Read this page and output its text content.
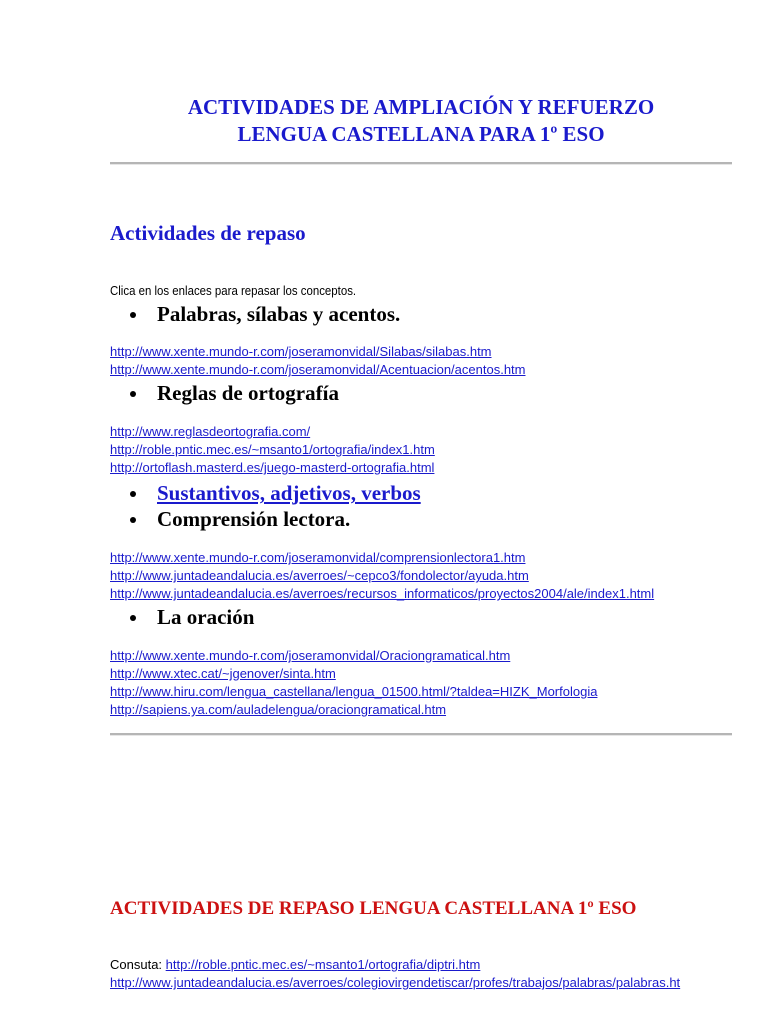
ACTIVIDADES DE AMPLIACIÓN Y REFUERZO
LENGUA CASTELLANA PARA 1º ESO
Actividades de repaso
Clica en los enlaces para repasar los conceptos.
Palabras, sílabas y acentos.
http://www.xente.mundo-r.com/joseramonvidal/Silabas/silabas.htm
http://www.xente.mundo-r.com/joseramonvidal/Acentuacion/acentos.htm
Reglas de ortografía
http://www.reglasdeortografia.com/
http://roble.pntic.mec.es/~msanto1/ortografia/index1.htm
http://ortoflash.masterd.es/juego-masterd-ortografia.html
Sustantivos, adjetivos, verbos
Comprensión lectora.
http://www.xente.mundo-r.com/joseramonvidal/comprensionlectora1.htm
http://www.juntadeandalucia.es/averroes/~cepco3/fondolector/ayuda.htm
http://www.juntadeandalucia.es/averroes/recursos_informaticos/proyectos2004/ale/index1.html
La oración
http://www.xente.mundo-r.com/joseramonvidal/Oraciongramatical.htm
http://www.xtec.cat/~jgenover/sinta.htm
http://www.hiru.com/lengua_castellana/lengua_01500.html/?taldea=HIZK_Morfologia
http://sapiens.ya.com/auladelengua/oraciongramatical.htm
ACTIVIDADES DE REPASO LENGUA CASTELLANA 1º ESO
Consuta: http://roble.pntic.mec.es/~msanto1/ortografia/diptri.htm
http://www.juntadeandalucia.es/averroes/colegiovirgendetiscar/profes/trabajos/palabras/palabras.ht
